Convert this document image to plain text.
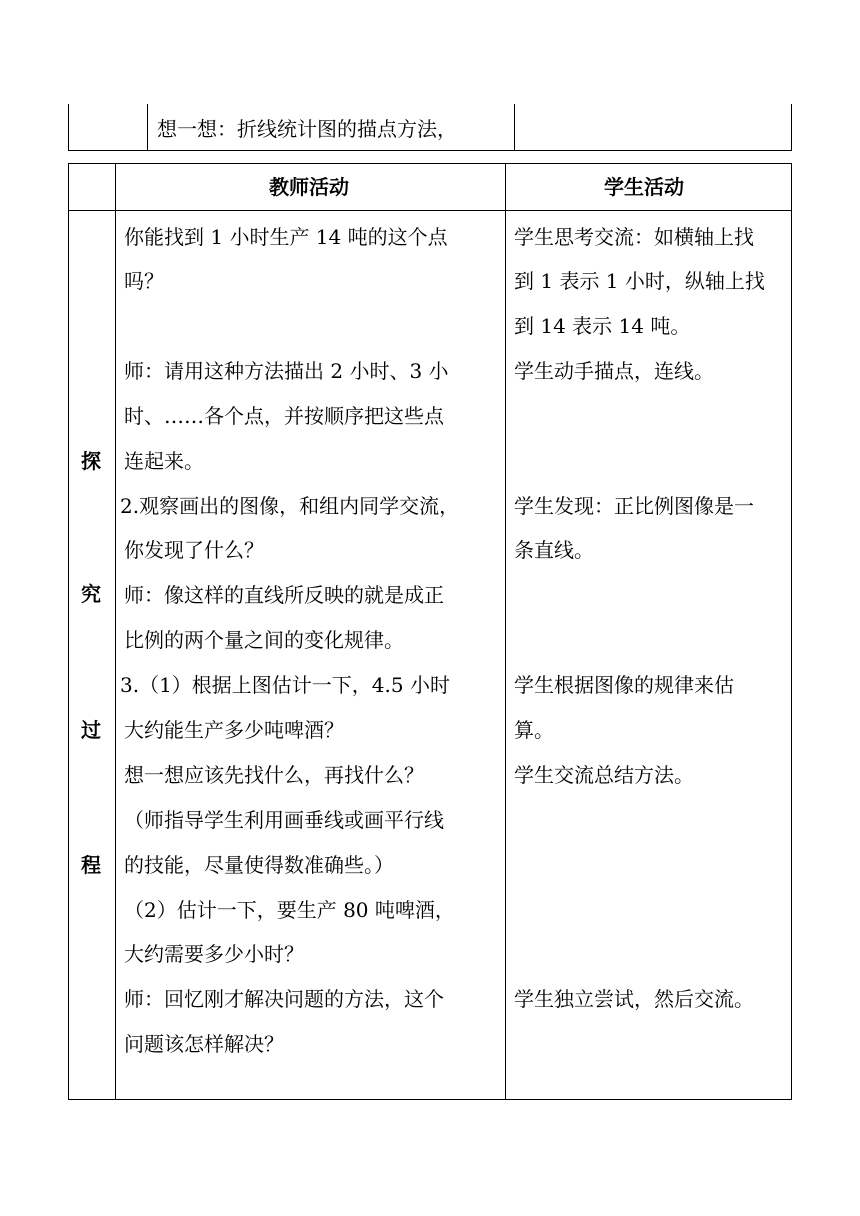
想一想：折线统计图的描点方法，
教师活动	学生活动
探
究
过
程
你能找到 1 小时生产 14 吨的这个点
吗？
师：请用这种方法描出 2 小时、3 小
时、……各个点，并按顺序把这些点
连起来。
2.观察画出的图像，和组内同学交流，
你发现了什么？
师：像这样的直线所反映的就是成正
比例的两个量之间的变化规律。
3.（1）根据上图估计一下，4.5 小时
大约能生产多少吨啤酒？
想一想应该先找什么，再找什么？
（师指导学生利用画垂线或画平行线
的技能，尽量使得数准确些。）
（2）估计一下，要生产 80 吨啤酒，
大约需要多少小时？
师：回忆刚才解决问题的方法，这个
问题该怎样解决？
学生思考交流：如横轴上找
到 1 表示 1 小时，纵轴上找
到 14 表示 14 吨。
学生动手描点，连线。
学生发现：正比例图像是一
条直线。
学生根据图像的规律来估
算。
学生交流总结方法。
学生独立尝试，然后交流。
